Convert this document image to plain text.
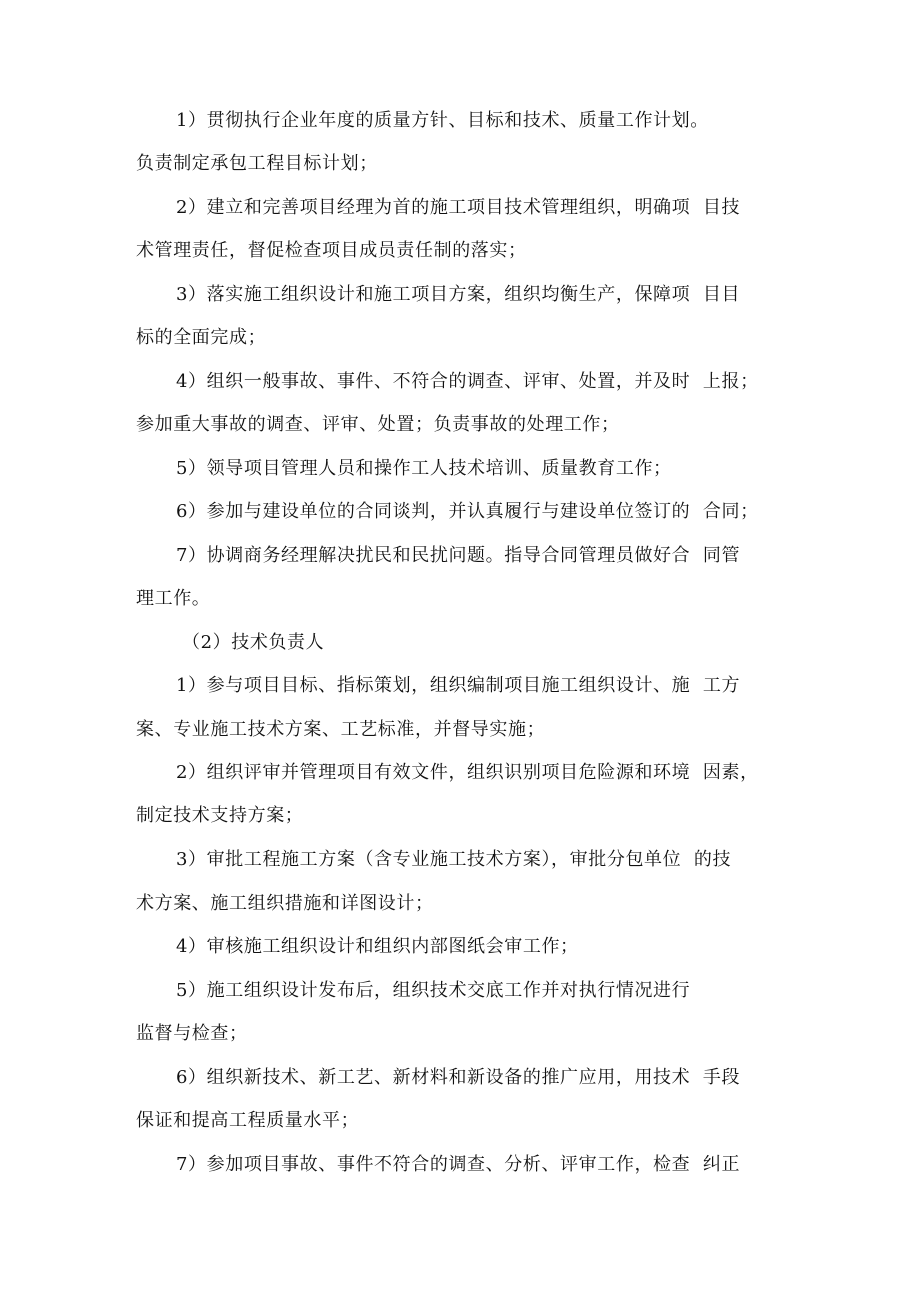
1）贯彻执行企业年度的质量方针、目标和技术、质量工作计划。
负责制定承包工程目标计划；
2）建立和完善项目经理为首的施工项目技术管理组织，明确项  目技
术管理责任，督促检查项目成员责任制的落实；
3）落实施工组织设计和施工项目方案，组织均衡生产，保障项  目目
标的全面完成；
4）组织一般事故、事件、不符合的调查、评审、处置，并及时  上报；
参加重大事故的调查、评审、处置；负责事故的处理工作；
5）领导项目管理人员和操作工人技术培训、质量教育工作；
6）参加与建设单位的合同谈判，并认真履行与建设单位签订的  合同；
7）协调商务经理解决扰民和民扰问题。指导合同管理员做好合  同管
理工作。
（2）技术负责人
1）参与项目目标、指标策划，组织编制项目施工组织设计、施  工方
案、专业施工技术方案、工艺标准，并督导实施；
2）组织评审并管理项目有效文件，组织识别项目危险源和环境  因素，
制定技术支持方案；
3）审批工程施工方案（含专业施工技术方案），审批分包单位  的技
术方案、施工组织措施和详图设计；
4）审核施工组织设计和组织内部图纸会审工作；
5）施工组织设计发布后，组织技术交底工作并对执行情况进行
监督与检查；
6）组织新技术、新工艺、新材料和新设备的推广应用，用技术  手段
保证和提高工程质量水平；
7）参加项目事故、事件不符合的调查、分析、评审工作，检查  纠正
